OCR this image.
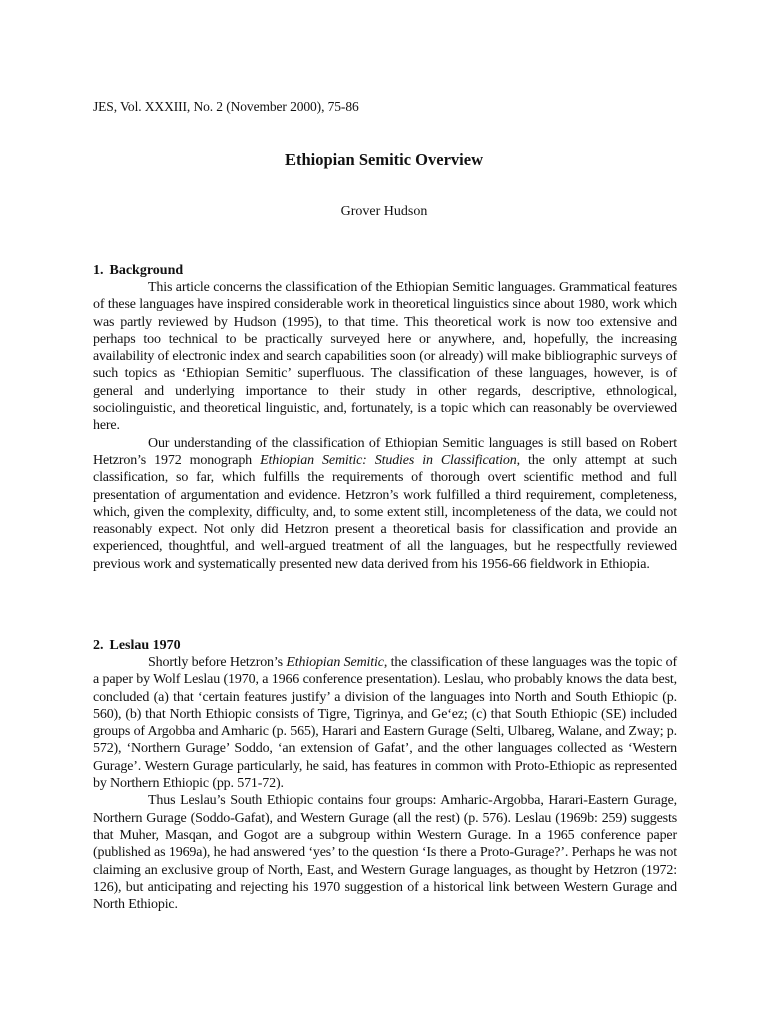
JES, Vol. XXXIII, No. 2 (November 2000), 75-86
Ethiopian Semitic Overview
Grover Hudson
1. Background

This article concerns the classification of the Ethiopian Semitic languages. Grammatical features of these languages have inspired considerable work in theoretical linguistics since about 1980, work which was partly reviewed by Hudson (1995), to that time. This theoretical work is now too extensive and perhaps too technical to be practically surveyed here or anywhere, and, hopefully, the increasing availability of electronic index and search capabilities soon (or already) will make bibliographic surveys of such topics as ‘Ethiopian Semitic’ superfluous. The classification of these languages, however, is of general and underlying importance to their study in other regards, descriptive, ethnological, sociolinguistic, and theoretical linguistic, and, fortunately, is a topic which can reasonably be overviewed here.

Our understanding of the classification of Ethiopian Semitic languages is still based on Robert Hetzron’s 1972 monograph Ethiopian Semitic: Studies in Classification, the only attempt at such classification, so far, which fulfills the requirements of thorough overt scientific method and full presentation of argumentation and evidence. Hetzron’s work fulfilled a third requirement, completeness, which, given the complexity, difficulty, and, to some extent still, incompleteness of the data, we could not reasonably expect. Not only did Hetzron present a theoretical basis for classification and provide an experienced, thoughtful, and well-argued treatment of all the languages, but he respectfully reviewed previous work and systematically presented new data derived from his 1956-66 fieldwork in Ethiopia.

2. Leslau 1970

Shortly before Hetzron’s Ethiopian Semitic, the classification of these languages was the topic of a paper by Wolf Leslau (1970, a 1966 conference presentation). Leslau, who probably knows the data best, concluded (a) that ‘certain features justify’ a division of the languages into North and South Ethiopic (p. 560), (b) that North Ethiopic consists of Tigre, Tigrinya, and Ge‘ez; (c) that South Ethiopic (SE) included groups of Argobba and Amharic (p. 565), Harari and Eastern Gurage (Selti, Ulbareg, Walane, and Zway; p. 572), ‘Northern Gurage’ Soddo, ‘an extension of Gafat’, and the other languages collected as ‘Western Gurage’. Western Gurage particularly, he said, has features in common with Proto-Ethiopic as represented by Northern Ethiopic (pp. 571-72).

Thus Leslau’s South Ethiopic contains four groups: Amharic-Argobba, Harari-Eastern Gurage, Northern Gurage (Soddo-Gafat), and Western Gurage (all the rest) (p. 576). Leslau (1969b: 259) suggests that Muher, Masqan, and Gogot are a subgroup within Western Gurage. In a 1965 conference paper (published as 1969a), he had answered ‘yes’ to the question ‘Is there a Proto-Gurage?’. Perhaps he was not claiming an exclusive group of North, East, and Western Gurage languages, as thought by Hetzron (1972: 126), but anticipating and rejecting his 1970 suggestion of a historical link between Western Gurage and North Ethiopic.
